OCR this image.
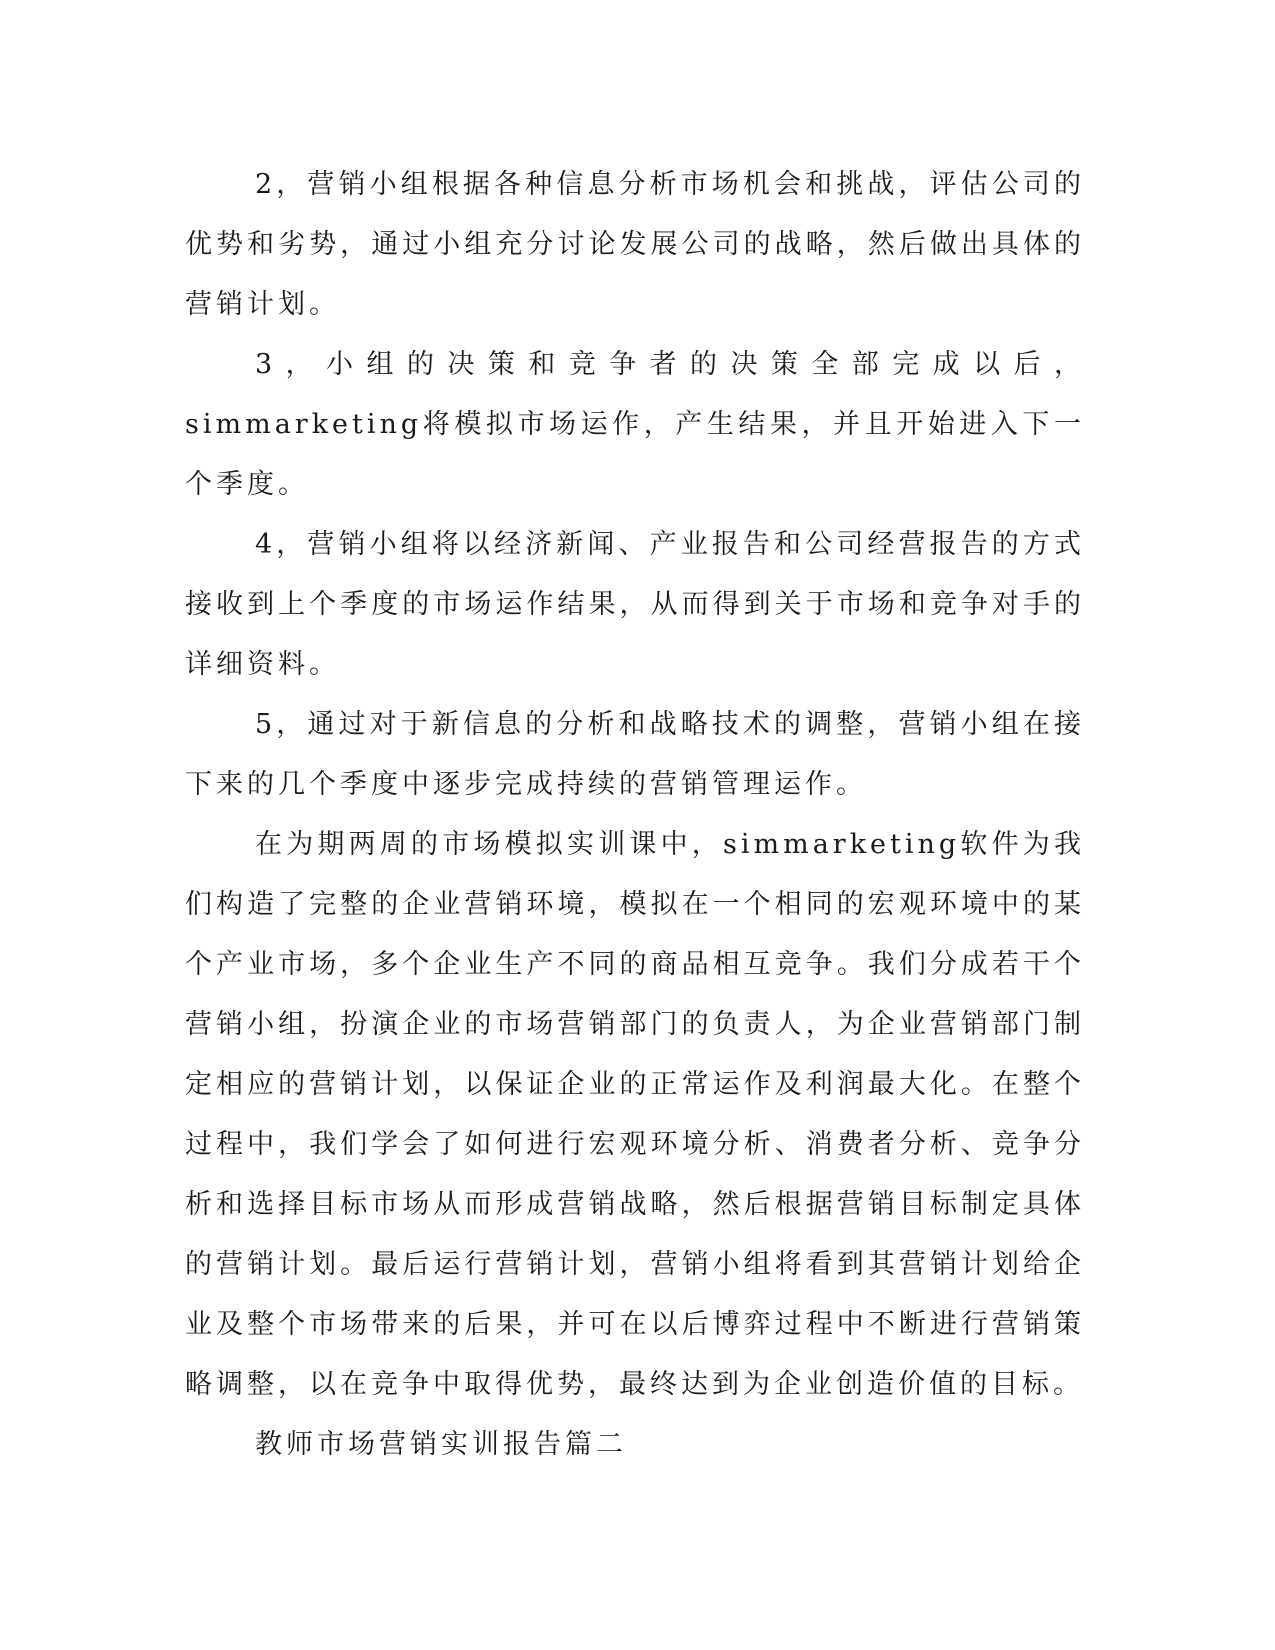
2，营销小组根据各种信息分析市场机会和挑战，评估公司的优势和劣势，通过小组充分讨论发展公司的战略，然后做出具体的营销计划。

3，小组的决策和竞争者的决策全部完成以后，simmarketing将模拟市场运作，产生结果，并且开始进入下一个季度。

4，营销小组将以经济新闻、产业报告和公司经营报告的方式接收到上个季度的市场运作结果，从而得到关于市场和竞争对手的详细资料。

5，通过对于新信息的分析和战略技术的调整，营销小组在接下来的几个季度中逐步完成持续的营销管理运作。

在为期两周的市场模拟实训课中，simmarketing软件为我们构造了完整的企业营销环境，模拟在一个相同的宏观环境中的某个产业市场，多个企业生产不同的商品相互竞争。我们分成若干个营销小组，扮演企业的市场营销部门的负责人，为企业营销部门制定相应的营销计划，以保证企业的正常运作及利润最大化。在整个过程中，我们学会了如何进行宏观环境分析、消费者分析、竞争分析和选择目标市场从而形成营销战略，然后根据营销目标制定具体的营销计划。最后运行营销计划，营销小组将看到其营销计划给企业及整个市场带来的后果，并可在以后博弈过程中不断进行营销策略调整，以在竞争中取得优势，最终达到为企业创造价值的目标。

教师市场营销实训报告篇二
